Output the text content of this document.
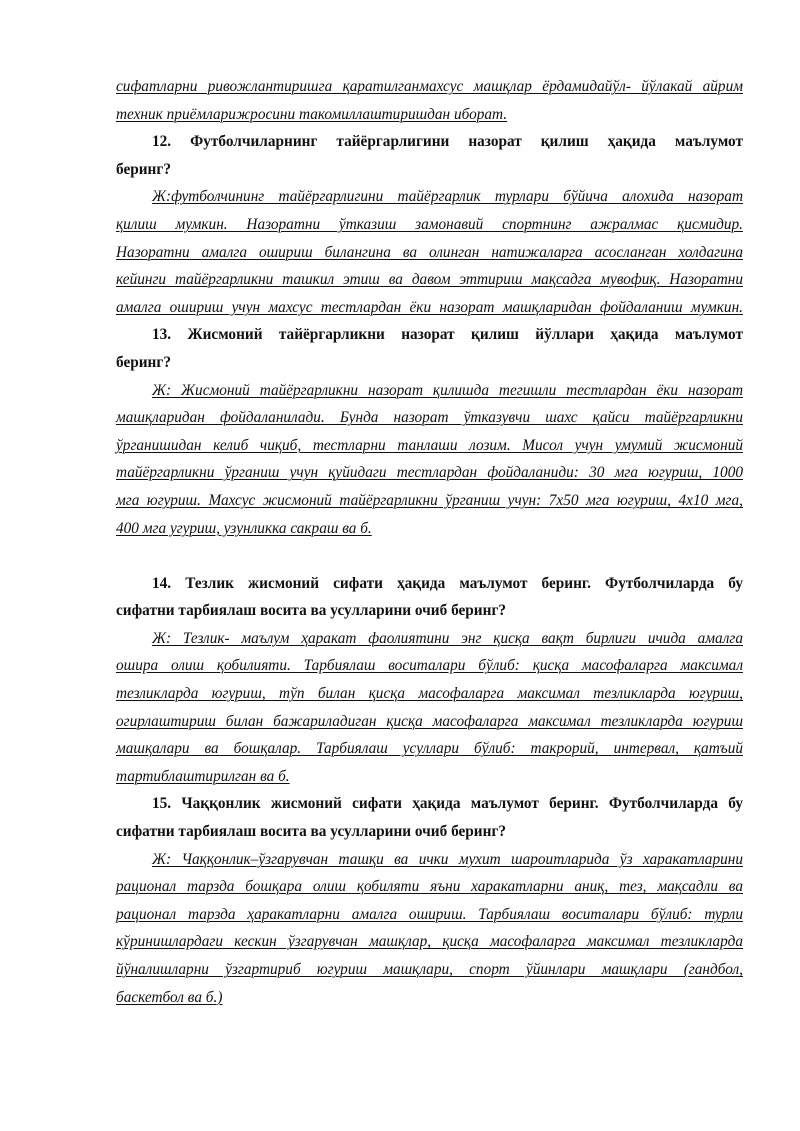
сифатларни ривожлантиришга қаратилганмахсус машқлар ёрдамидайўл- йўлакай айрим
техник приёмларижросини такомиллаштиришдан иборат.
12. Футболчиларнинг тайёргарлигини назорат қилиш ҳақида маълумот
беринг?
Ж:футболчининг тайёргарлигини тайёргарлик турлари бўйича алохида назорат
қилиш мумкин. Назоратни ўтказиш замонавий спортнинг ажралмас қисмидир.
Назоратни амалга ошириш билангина ва олинган натижаларга асосланган холдагина
кейинги тайёргарликни ташкил этиш ва давом эттириш мақсадга мувофиқ. Назоратни
амалга ошириш учун махсус тестлардан ёки назорат машқларидан фойдаланиш мумкин.
13. Жисмоний тайёргарликни назорат қилиш йўллари ҳақида маълумот
беринг?
Ж: Жисмоний тайёргарликни назорат қилишда тегишли тестлардан ёки назорат
машқларидан фойдаланилади. Бунда назорат ўтказувчи шахс қайси тайёргарликни
ўрганишидан келиб чиқиб, тестларни танлаши лозим. Мисол учун умумий жисмоний
тайёргарликни ўрганиш учун қуйидаги тестлардан фойдаланиди: 30 мга югуриш, 1000
мга югуриш. Махсус жисмоний тайёргарликни ўрганиш учун: 7х50 мга югуриш, 4х10 мга,
400 мга угуриш, узунликка сакраш ва б.
14. Тезлик жисмоний сифати ҳақида маълумот беринг. Футболчиларда бу
сифатни тарбиялаш восита ва усулларини очиб беринг?
Ж: Тезлик- маълум ҳаракат фаолиятини энг қисқа вақт бирлиги ичида амалга
ошира олиш қобилияти. Тарбиялаш воситалари бўлиб: қисқа масофаларга максимал
тезликларда югуриш, тўп билан қисқа масофаларга максимал тезликларда югуриш,
огирлаштириш билан бажариладиган қисқа масофаларга максимал тезликларда югуриш
машқалари ва бошқалар. Тарбиялаш усуллари бўлиб: такрорий, интервал, қатъий
тартиблаштирилган ва б.
15. Чаққонлик жисмоний сифати ҳақида маълумот беринг. Футболчиларда бу
сифатни тарбиялаш восита ва усулларини очиб беринг?
Ж: Чаққонлик–ўзгарувчан ташқи ва ички мухит шароитларида ўз харакатларини
рационал тарзда бошқара олиш қобиляти яъни харакатларни аниқ, тез, мақсадли ва
рационал тарзда ҳаракатларни амалга ошириш. Тарбиялаш воситалари бўлиб: турли
кўринишлардаги кескин ўзгарувчан машқлар, қисқа масофаларга максимал тезликларда
йўналишларни ўзгартириб югуриш машқлари, спорт ўйинлари машқлари (гандбол,
баскетбол ва б.)
